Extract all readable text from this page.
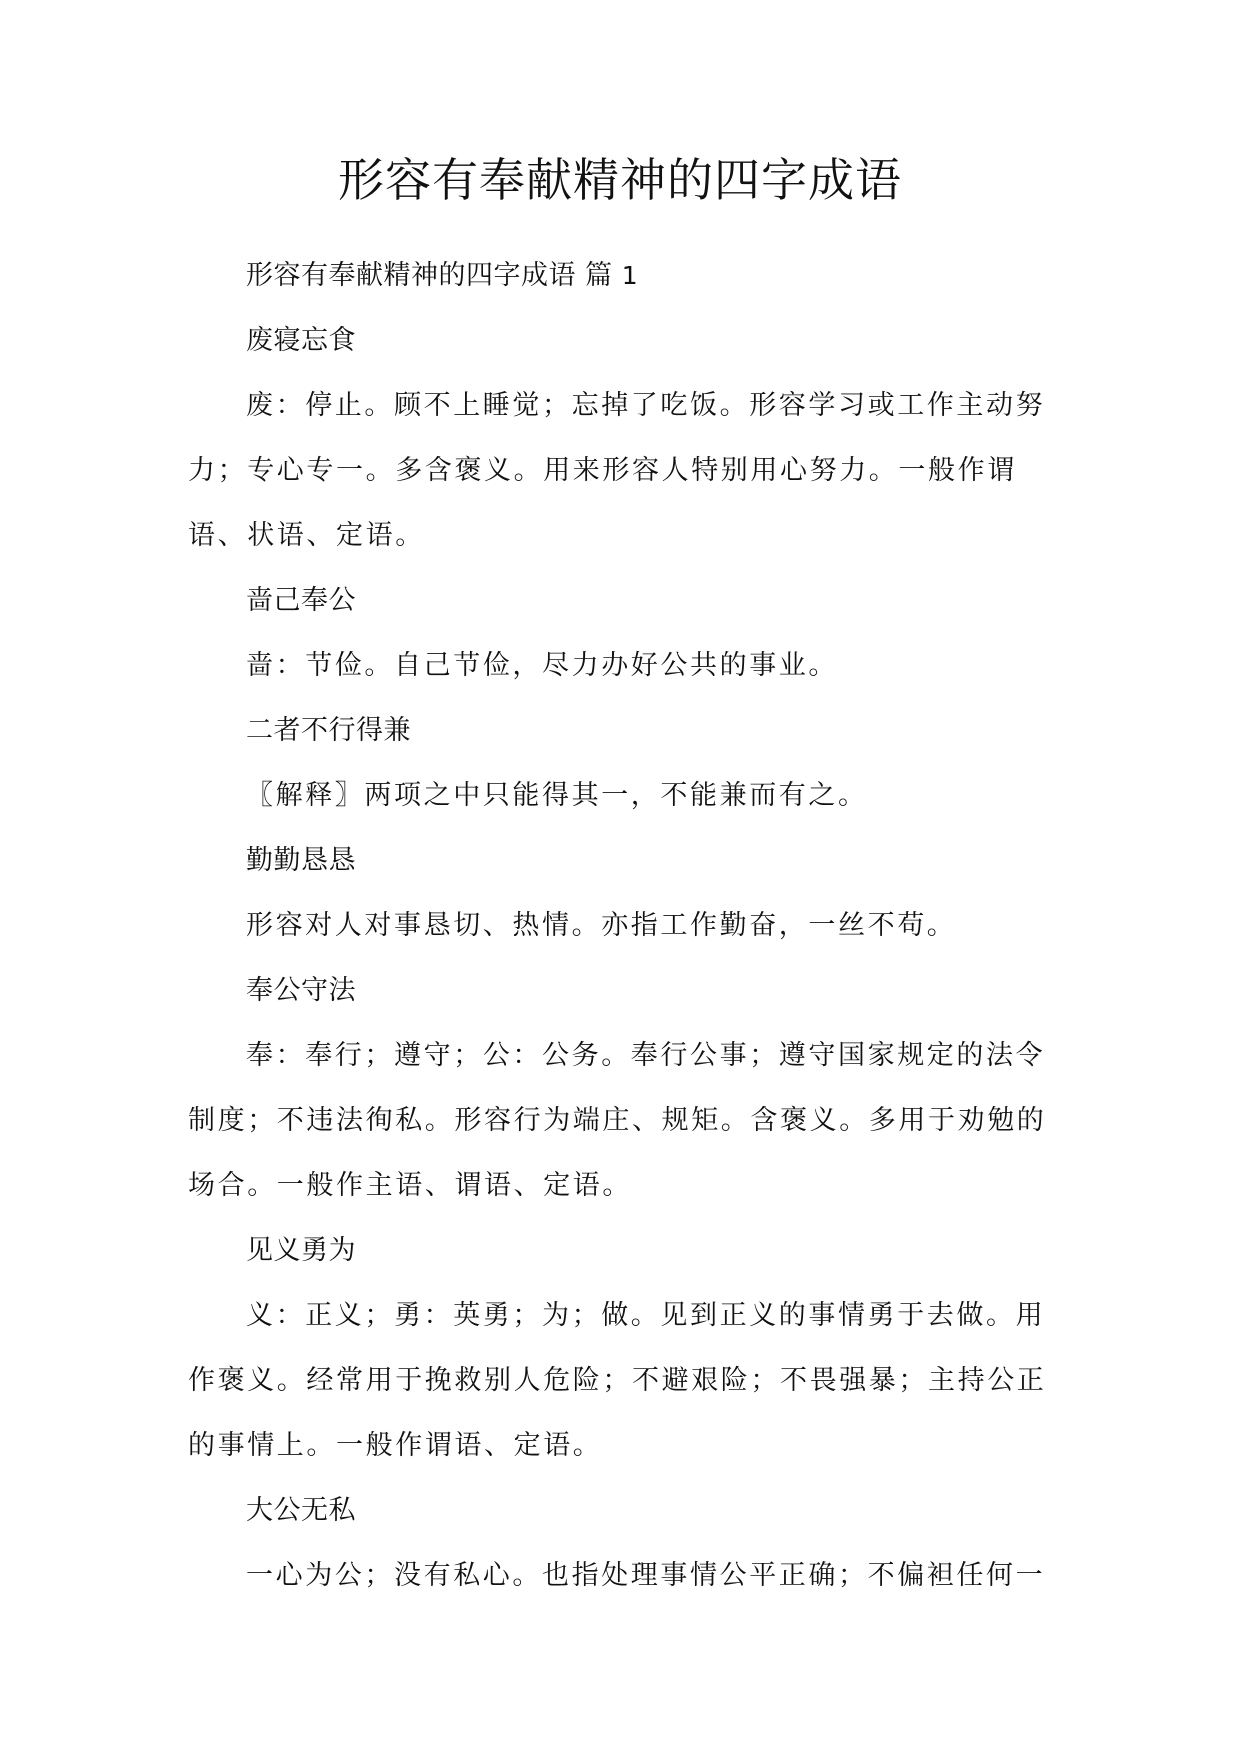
形容有奉献精神的四字成语
形容有奉献精神的四字成语 篇 1
废寝忘食
废：停止。顾不上睡觉；忘掉了吃饭。形容学习或工作主动努
力；专心专一。多含褒义。用来形容人特别用心努力。一般作谓
语、状语、定语。
啬己奉公
啬：节俭。自己节俭，尽力办好公共的事业。
二者不行得兼
〖解释〗两项之中只能得其一，不能兼而有之。
勤勤恳恳
形容对人对事恳切、热情。亦指工作勤奋，一丝不苟。
奉公守法
奉：奉行；遵守；公：公务。奉行公事；遵守国家规定的法令
制度；不违法徇私。形容行为端庄、规矩。含褒义。多用于劝勉的
场合。一般作主语、谓语、定语。
见义勇为
义：正义；勇：英勇；为；做。见到正义的事情勇于去做。用
作褒义。经常用于挽救别人危险；不避艰险；不畏强暴；主持公正
的事情上。一般作谓语、定语。
大公无私
一心为公；没有私心。也指处理事情公平正确；不偏袒任何一
